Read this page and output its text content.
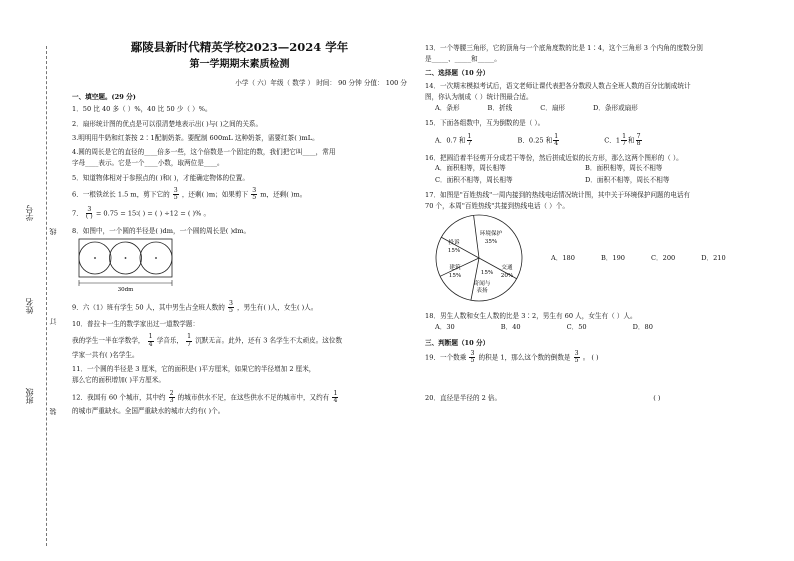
学号
姓名
班级
线
订
装
鄢陵县新时代精英学校2023—2024 学年
第一学期期末素质检测
小学（ 六）年级（ 数学 ） 时间： 90 分钟 分值： 100 分
一、填空题。(29 分)
1．50 比 40 多（ ）%，40 比 50 少（ ）%。
2．扇形统计图的优点是可以很清楚地表示出( )与( )之间的关系。
3.明明用牛奶和红茶按 2∶1配制奶茶。要配制 600mL 这种奶茶，需要红茶( )mL。
4.圆的周长是它的直径的____倍多一些，这个倍数是一个固定的数，我们把它叫____，常用
字母____表示。它是一个____小数，取两位是____。
5．知道物体相对于参照点的( )和( )，才能确定物体的位置。
6．一根铁丝长 1.5 m，剪下它的 $\frac{3}{5}$ ，还剩( )m；如果剪下 $\frac{3}{5}$ m，还剩( )m。
7． $\frac{3}{( )} = 0.75$ = 15∶( ) = ( ) ÷12 = ( )% 。
8．如图中，一个圆的半径是( )dm，一个圆的周长是( )dm。
30dm
9．六（1）班有学生 50 人，其中男生占全班人数的 $\frac{3}{5}$ ，男生有( )人，女生( )人。
10．普拉卡一生的数学家出过一道数学题：
我的学生一半在学数学， $\frac{1}{4}$ 学音乐， $\frac{1}{7}$ 沉默无言。此外，还有 3 名学生不太顽皮。这位数
学家一共有( )名学生。
11．一个圆的半径是 3 厘米，它的面积是( )平方厘米，如果它的半径增加 2 厘米，
那么它的面积增加( )平方厘米。
12．我国有 60 个城市，其中约 $\frac{2}{3}$ 的城市供水不足，在这些供水不足的城市中，又约有 $\frac{1}{4}$
的城市严重缺水。全国严重缺水的城市大约有( )个。
13．一个等腰三角形，它的顶角与一个底角度数的比是 1∶4，这个三角形 3 个内角的度数分别
是_____、_____和_____。
二、选择题（10 分）
14．一次期末模拟考试后，语文老师让课代表把各分数段人数占全班人数的百分比制成统计
图，你认为制成（ ）统计图最合适。
A．条形	B．折线	C．扇形	D．条形或扇形
15．下面各组数中，互为倒数的是（ ）。
A．0.7 和 $\frac{1}{7}$	B．0.25 和 $\frac{1}{4}$	C．$1 \frac{1}{7}$ 和 $\frac{7}{8}$
16．把圆沿着半径剪开分成若干等份，然后拼成近似的长方形，那么这两个图形的（ ）。
A．面积相等，周长相等	B．面积相等，周长不相等
C．面积不相等，周长相等	D．面积不相等，周长不相等
17．如图是"百姓热线"一周内接到的热线电话情况统计图，其中关于环境保护问题的电话有
70 个，本周"百姓热线"共接到热线电话（ ）个。
环境保护
35%
交通
20%
15%
奇闻与
表扬
建筑
15%
投诉
15%
A．180	B．190	C．200	D．210
18．男生人数和女生人数的比是 3∶2，男生有 60 人，女生有（ ）人。
A．30	B．40	C．50	D．80
三、判断题（10 分）
19．一个数乘 $\frac{3}{5}$ 的积是 1，那么这个数的倒数是 $\frac{3}{5}$ 。 ( )
20．直径是半径的 2 倍。	( )
